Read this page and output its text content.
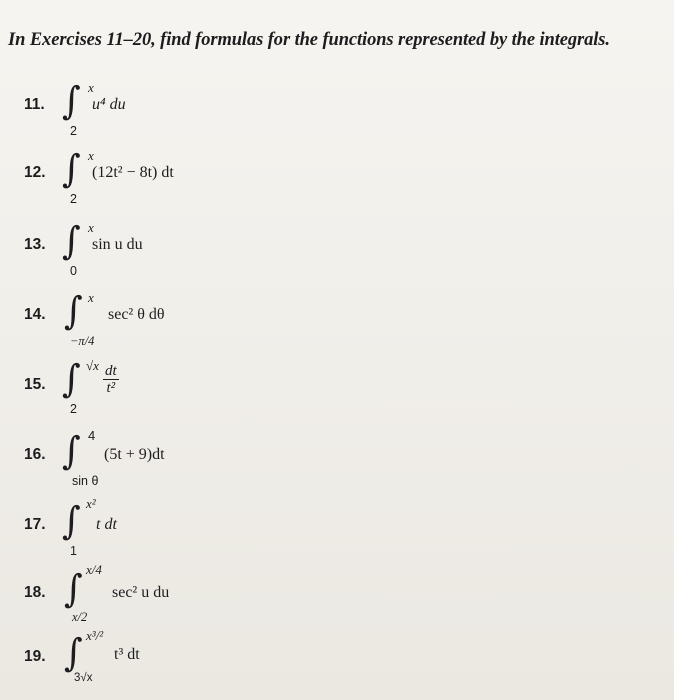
In Exercises 11–20, find formulas for the functions represented by the integrals.
11. ∫ x
2
u⁴ du
12. ∫ x
2
(12t² − 8t) dt
13. ∫ x
0
sin u du
14. ∫ x
−π/4
sec² θ dθ
15. ∫ √x
2
$\frac{dt}{\text{t²}}$
16. ∫ 4
sin θ
(5t + 9)dt
17. ∫ x²
1
t dt
18. ∫ x/4
x/2
sec² u du
19. ∫ x³/²
3√x
t³ dt
